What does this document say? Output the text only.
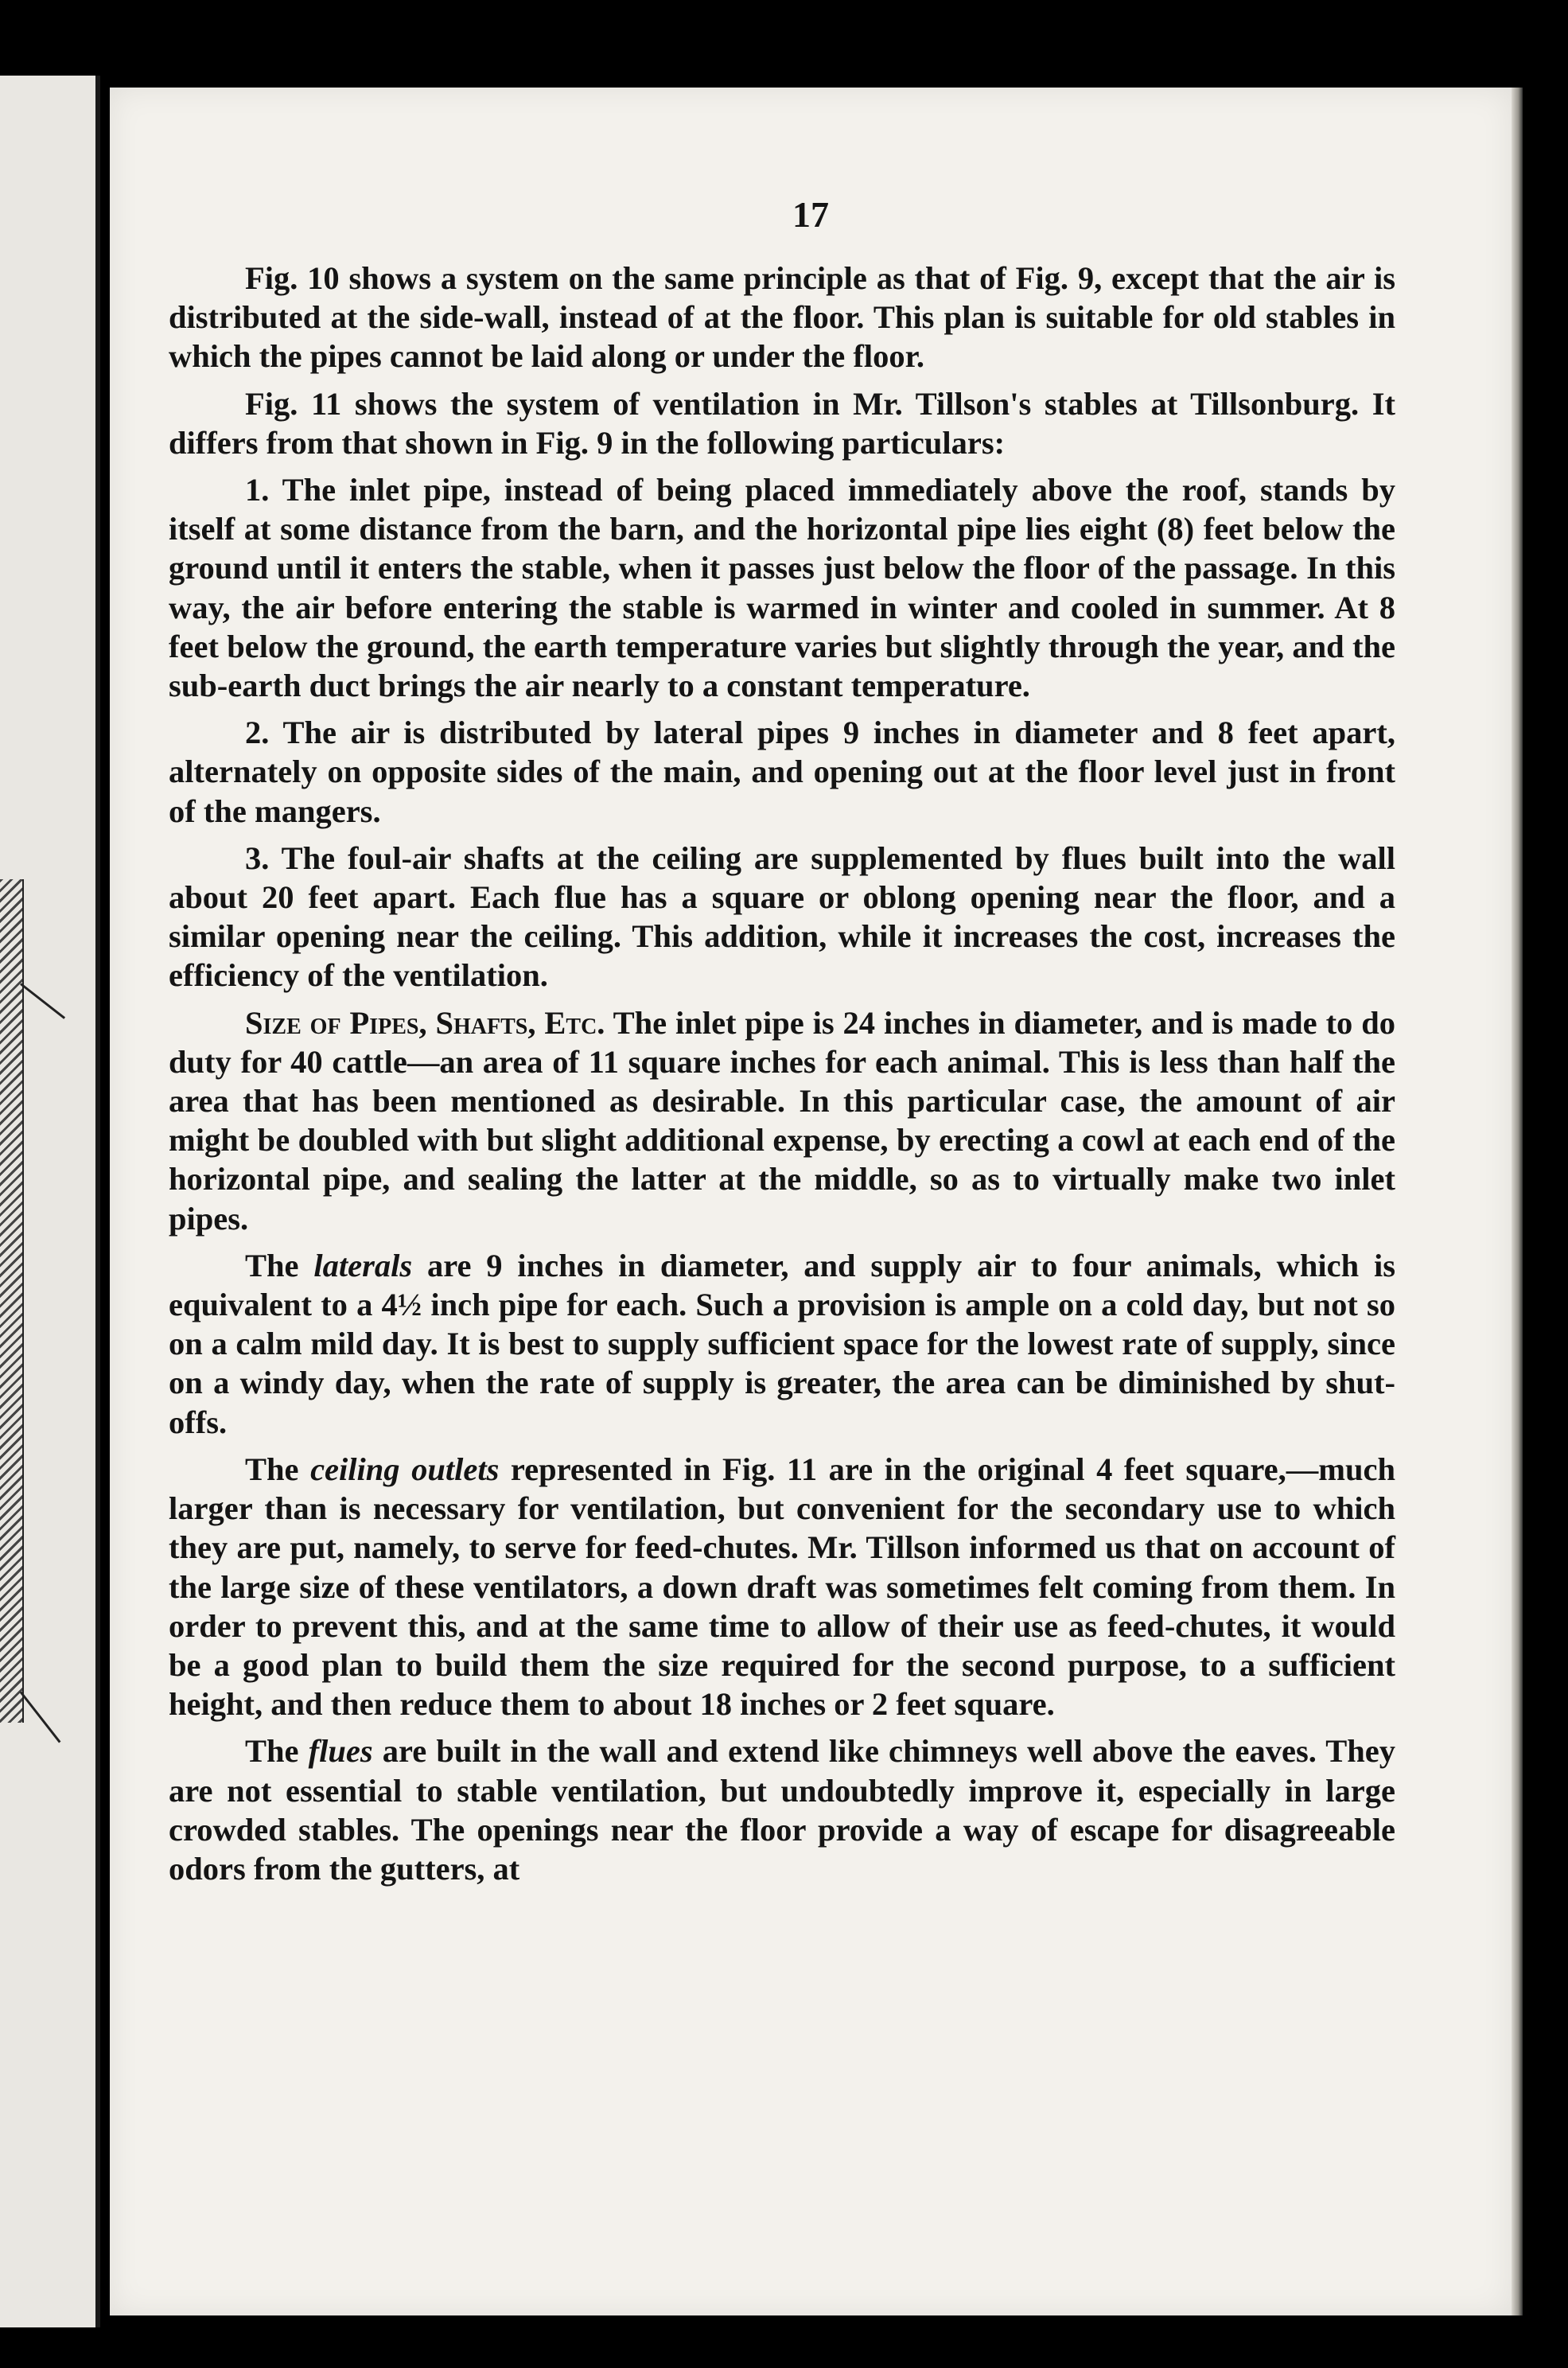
17

Fig. 10 shows a system on the same principle as that of Fig. 9, except that the air is distributed at the side-wall, instead of at the floor. This plan is suitable for old stables in which the pipes cannot be laid along or under the floor.

Fig. 11 shows the system of ventilation in Mr. Tillson's stables at Tillsonburg. It differs from that shown in Fig. 9 in the following particulars:

1. The inlet pipe, instead of being placed immediately above the roof, stands by itself at some distance from the barn, and the horizontal pipe lies eight (8) feet below the ground until it enters the stable, when it passes just below the floor of the passage. In this way, the air before entering the stable is warmed in winter and cooled in summer. At 8 feet below the ground, the earth temperature varies but slightly through the year, and the sub-earth duct brings the air nearly to a constant temperature.

2. The air is distributed by lateral pipes 9 inches in diameter and 8 feet apart, alternately on opposite sides of the main, and opening out at the floor level just in front of the mangers.

3. The foul-air shafts at the ceiling are supplemented by flues built into the wall about 20 feet apart. Each flue has a square or oblong opening near the floor, and a similar opening near the ceiling. This addition, while it increases the cost, increases the efficiency of the ventilation.

Size of Pipes, Shafts, Etc. The inlet pipe is 24 inches in diameter, and is made to do duty for 40 cattle—an area of 11 square inches for each animal. This is less than half the area that has been mentioned as desirable. In this particular case, the amount of air might be doubled with but slight additional expense, by erecting a cowl at each end of the horizontal pipe, and sealing the latter at the middle, so as to virtually make two inlet pipes.

The laterals are 9 inches in diameter, and supply air to four animals, which is equivalent to a 4½ inch pipe for each. Such a provision is ample on a cold day, but not so on a calm mild day. It is best to supply sufficient space for the lowest rate of supply, since on a windy day, when the rate of supply is greater, the area can be diminished by shut-offs.

The ceiling outlets represented in Fig. 11 are in the original 4 feet square,—much larger than is necessary for ventilation, but convenient for the secondary use to which they are put, namely, to serve for feed-chutes. Mr. Tillson informed us that on account of the large size of these ventilators, a down draft was sometimes felt coming from them. In order to prevent this, and at the same time to allow of their use as feed-chutes, it would be a good plan to build them the size required for the second purpose, to a sufficient height, and then reduce them to about 18 inches or 2 feet square.

The flues are built in the wall and extend like chimneys well above the eaves. They are not essential to stable ventilation, but undoubtedly improve it, especially in large crowded stables. The openings near the floor provide a way of escape for disagreeable odors from the gutters, at
